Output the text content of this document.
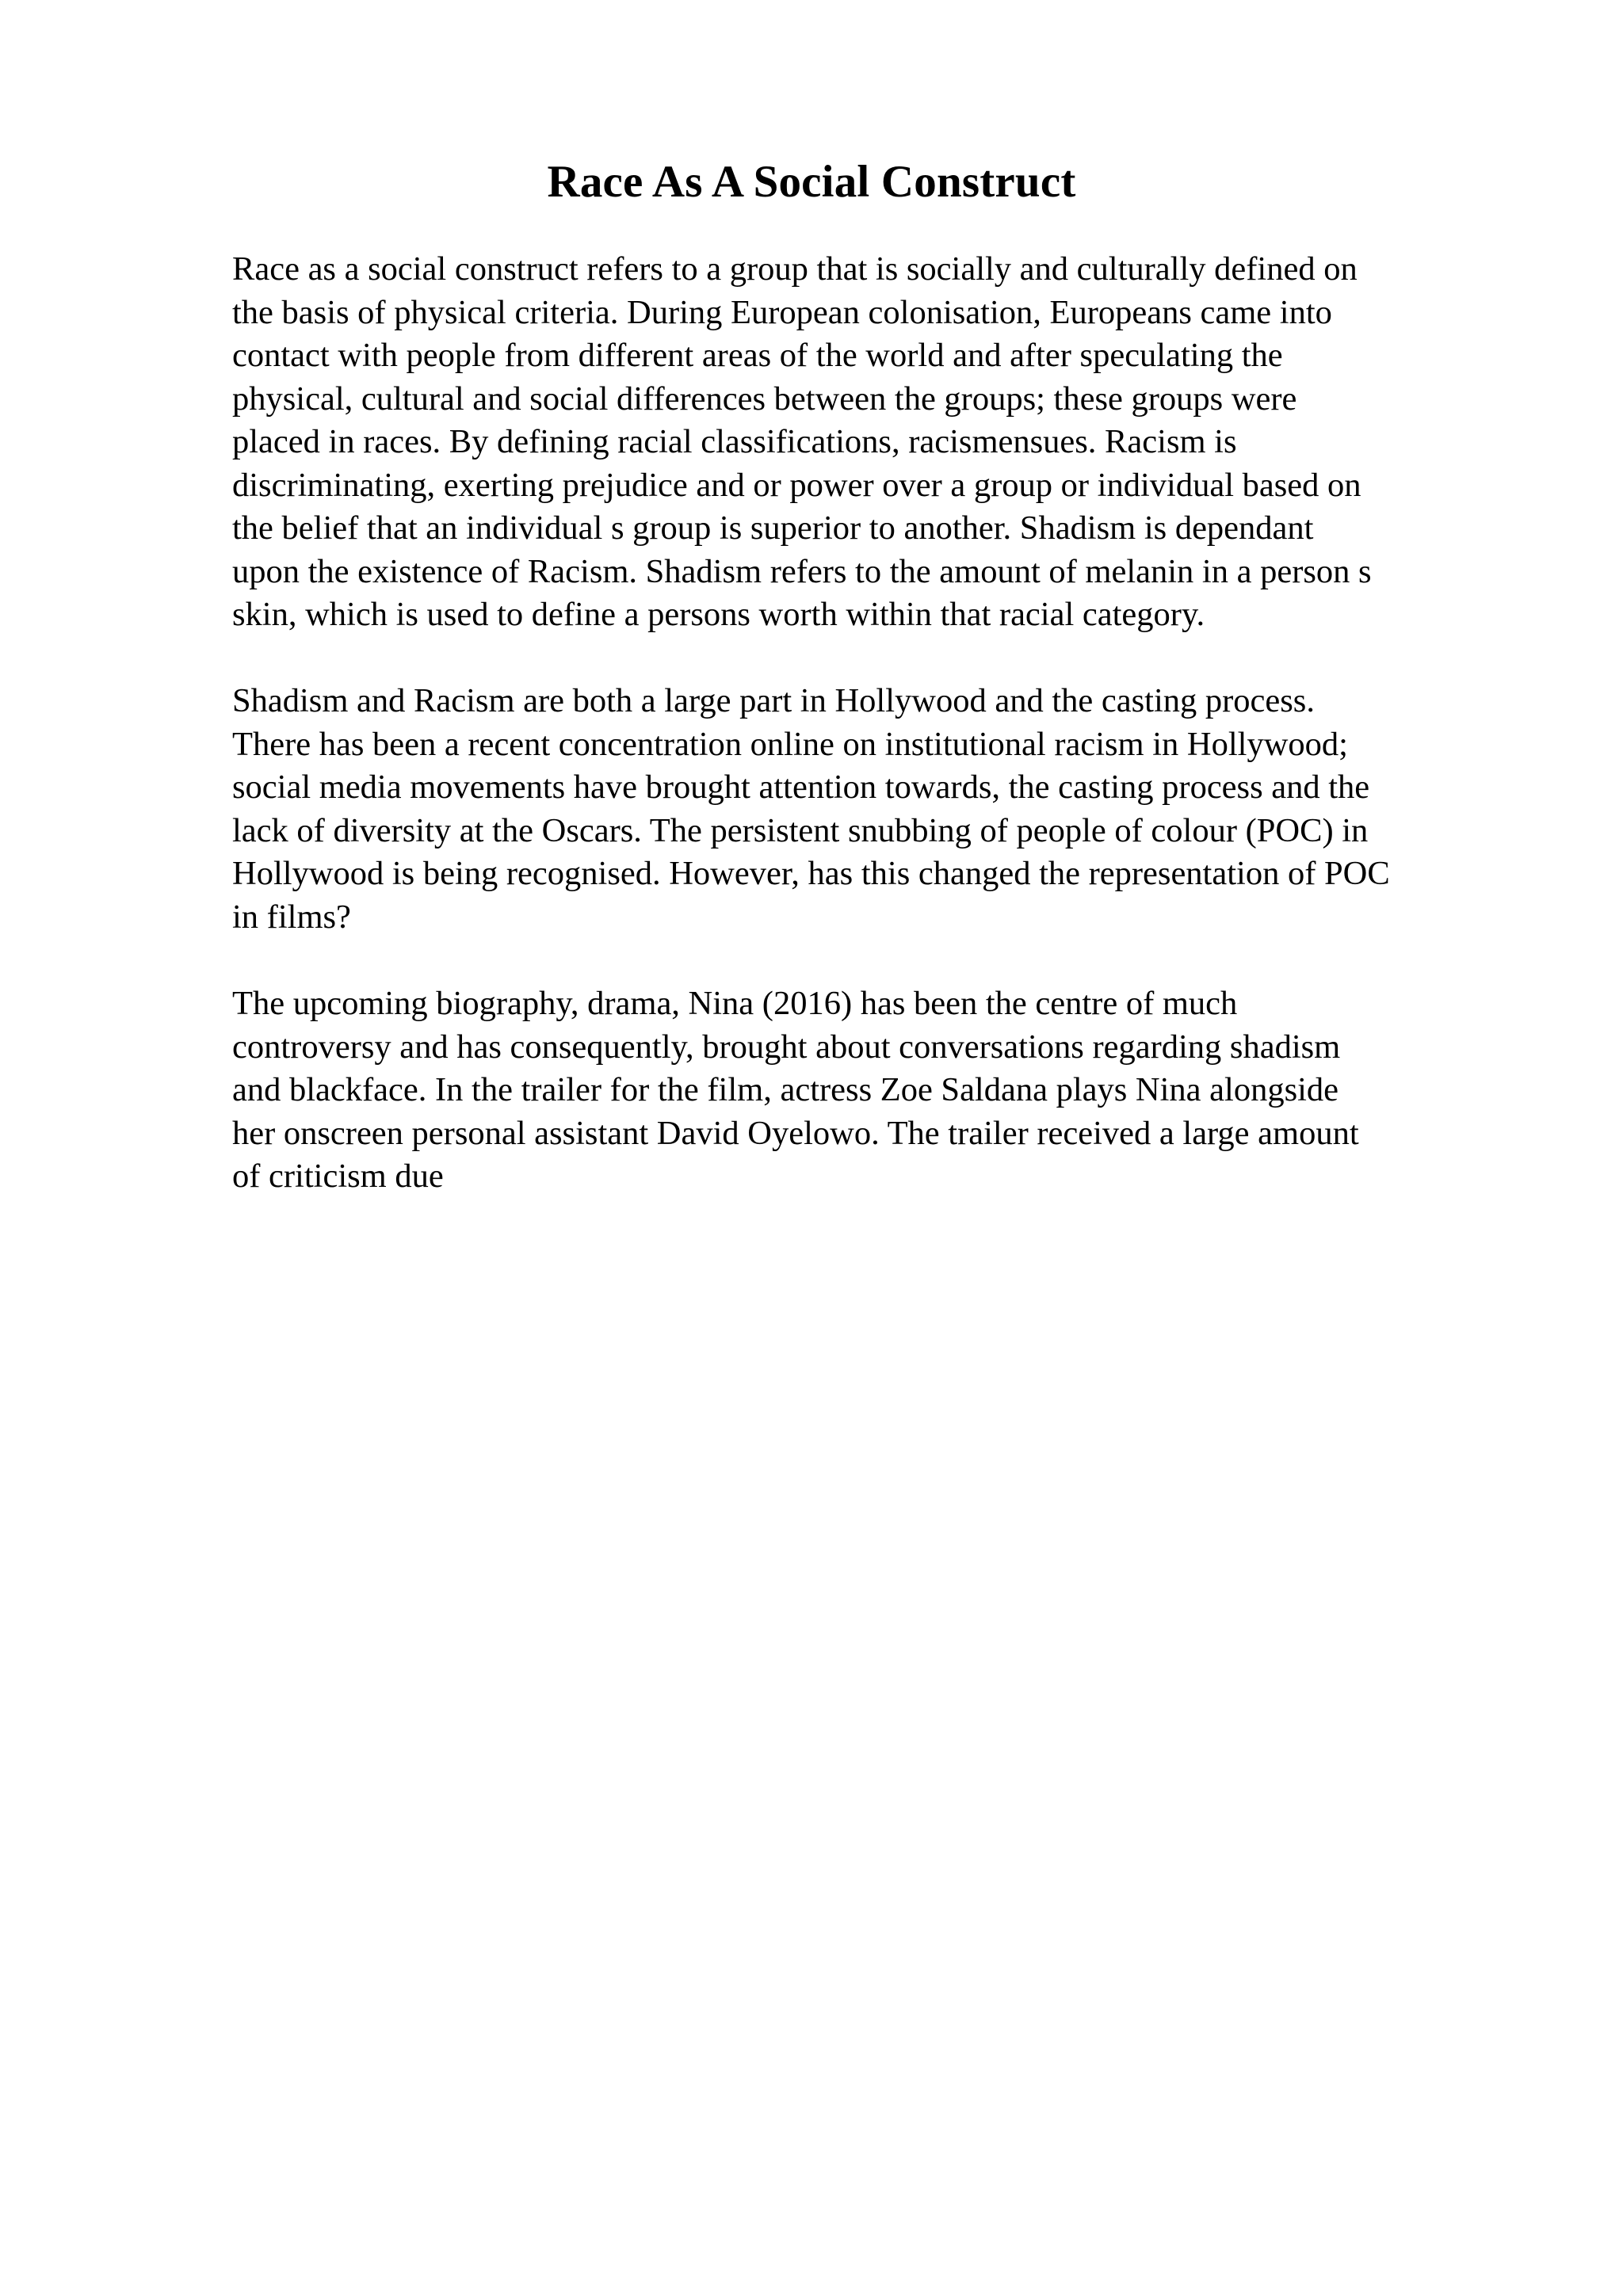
Race As A Social Construct
Race as a social construct refers to a group that is socially and culturally defined on
the basis of physical criteria. During European colonisation, Europeans came into
contact with people from different areas of the world and after speculating the
physical, cultural and social differences between the groups; these groups were
placed in races. By defining racial classifications, racismensues. Racism is
discriminating, exerting prejudice and or power over a group or individual based on
the belief that an individual s group is superior to another. Shadism is dependant
upon the existence of Racism. Shadism refers to the amount of melanin in a person s
skin, which is used to define a persons worth within that racial category.
Shadism and Racism are both a large part in Hollywood and the casting process.
There has been a recent concentration online on institutional racism in Hollywood;
social media movements have brought attention towards, the casting process and the
lack of diversity at the Oscars. The persistent snubbing of people of colour (POC) in
Hollywood is being recognised. However, has this changed the representation of POC
in films?
The upcoming biography, drama, Nina (2016) has been the centre of much
controversy and has consequently, brought about conversations regarding shadism
and blackface. In the trailer for the film, actress Zoe Saldana plays Nina alongside
her onscreen personal assistant David Oyelowo. The trailer received a large amount
of criticism due
